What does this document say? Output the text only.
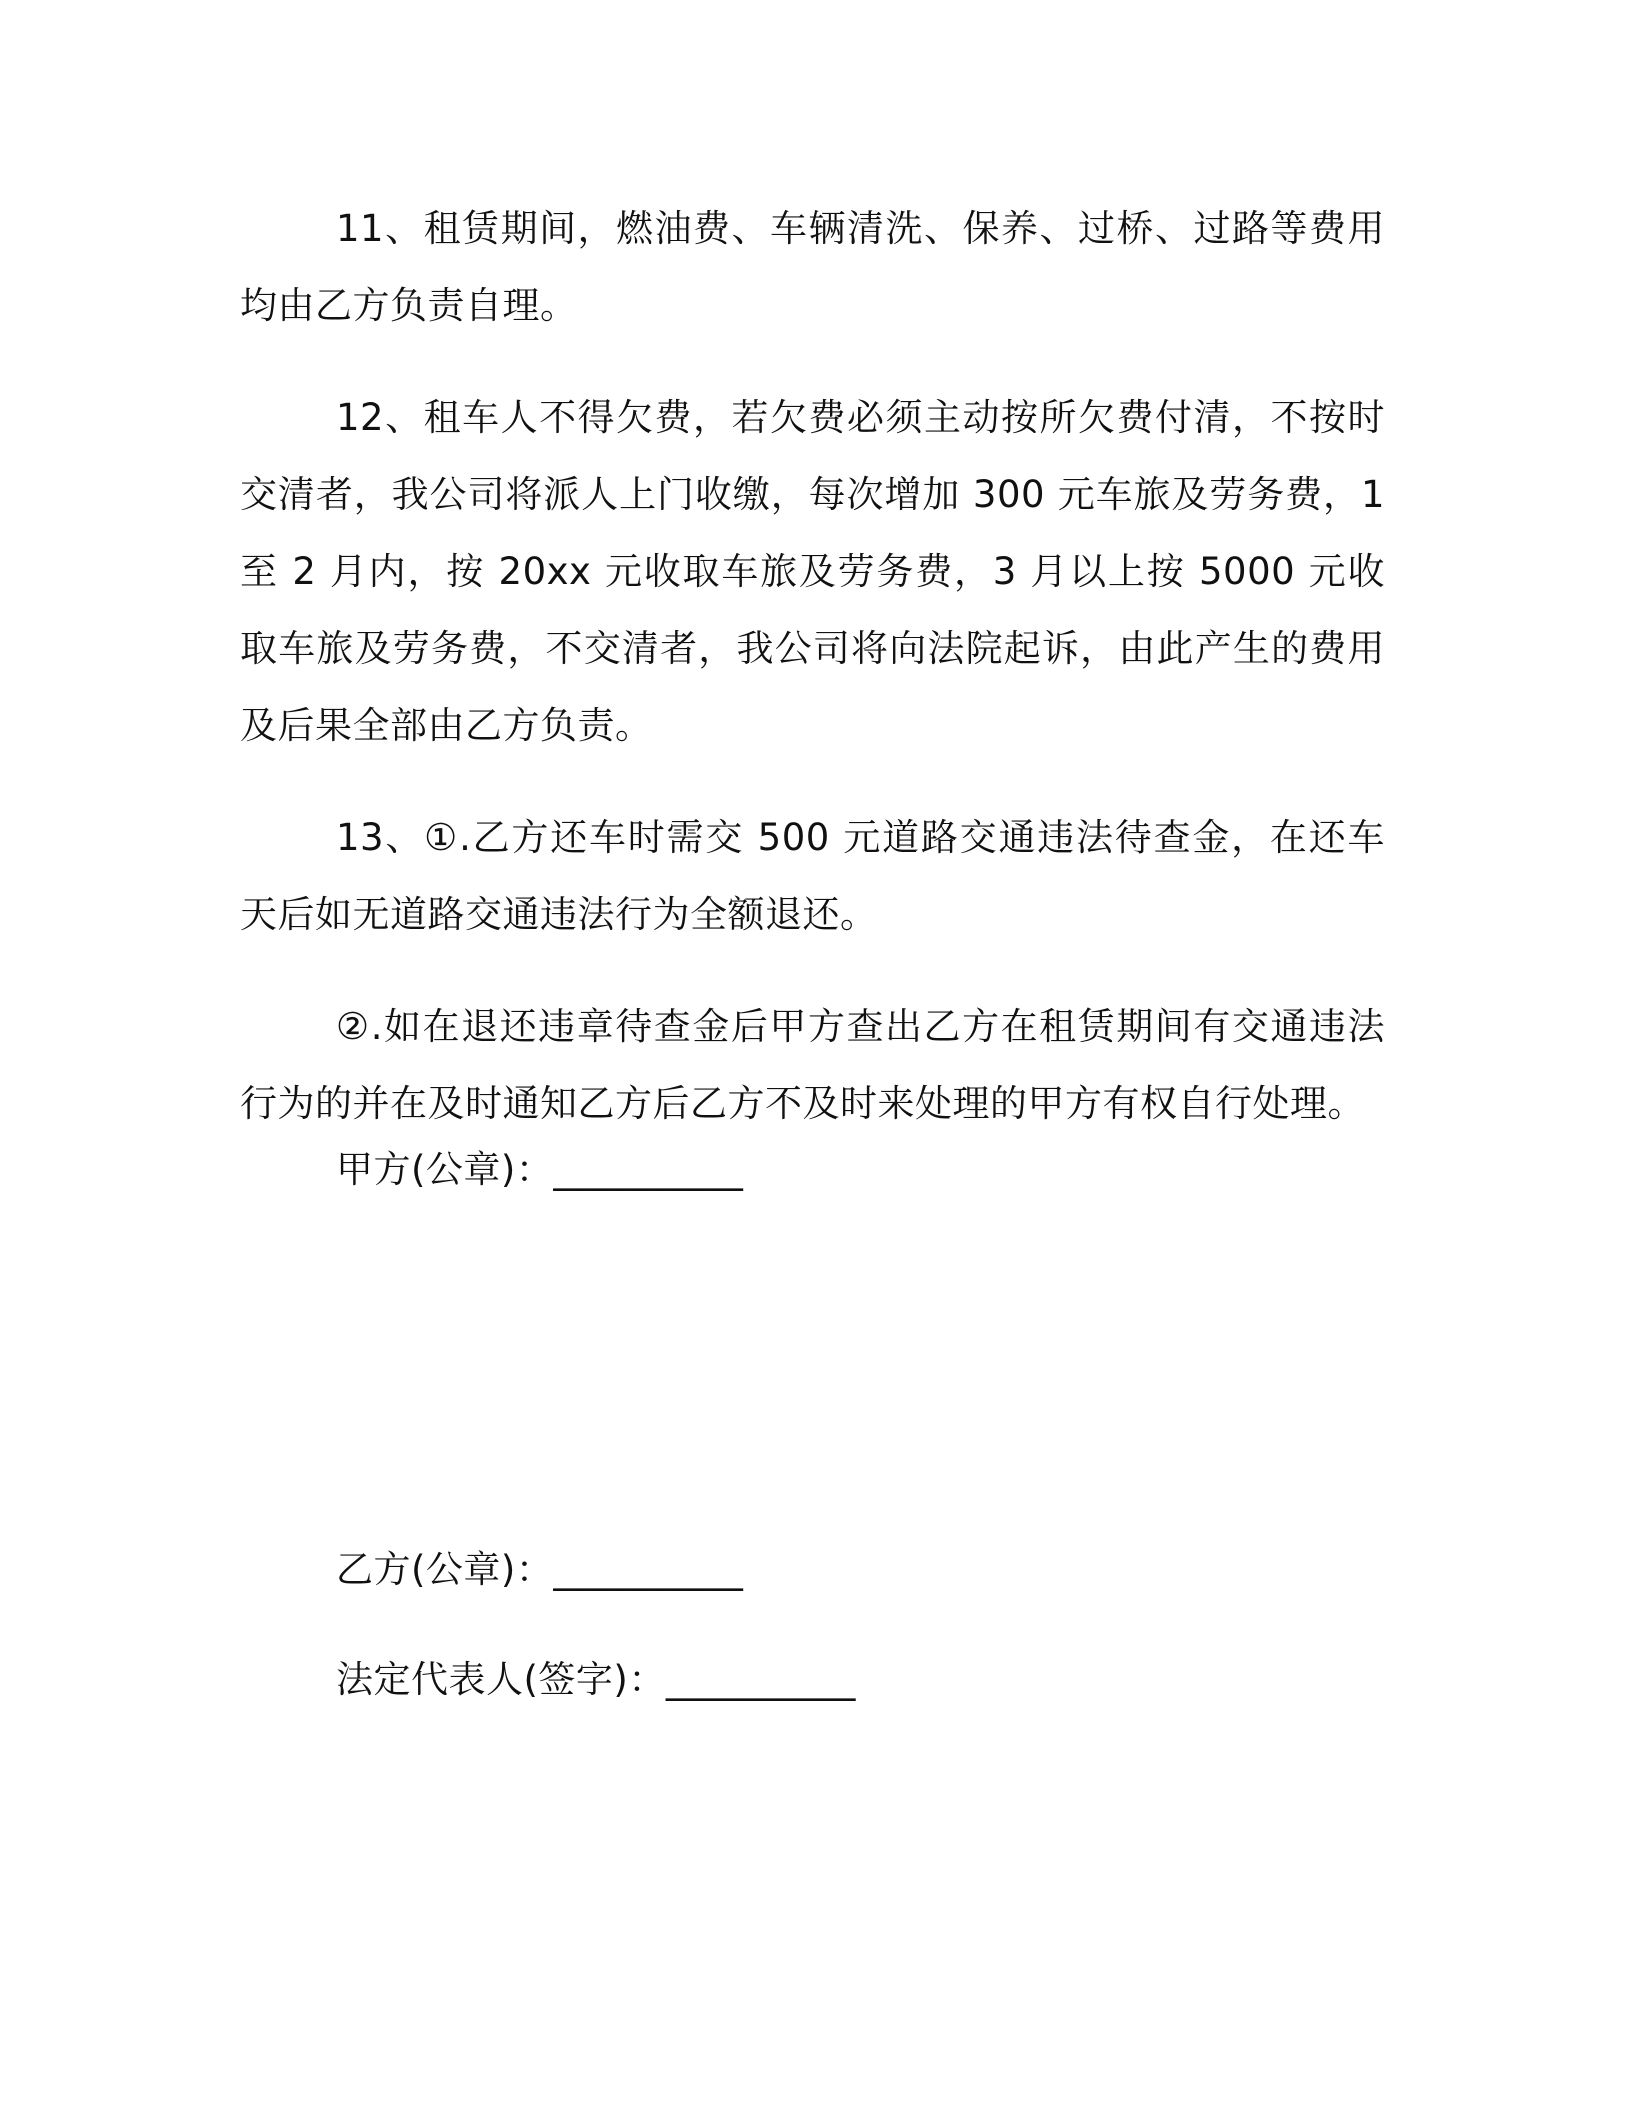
11、租赁期间，燃油费、车辆清洗、保养、过桥、过路等费用均由乙方负责自理。

12、租车人不得欠费，若欠费必须主动按所欠费付清，不按时交清者，我公司将派人上门收缴，每次增加 300 元车旅及劳务费，1 至 2 月内，按 20xx 元收取车旅及劳务费，3 月以上按 5000 元收取车旅及劳务费，不交清者，我公司将向法院起诉，由此产生的费用及后果全部由乙方负责。

13、①.乙方还车时需交 500 元道路交通违法待查金，在还车 天后如无道路交通违法行为全额退还。

②.如在退还违章待查金后甲方查出乙方在租赁期间有交通违法行为的并在及时通知乙方后乙方不及时来处理的甲方有权自行处理。

甲方(公章)：__________
乙方(公章)：__________
法定代表人(签字)：__________
